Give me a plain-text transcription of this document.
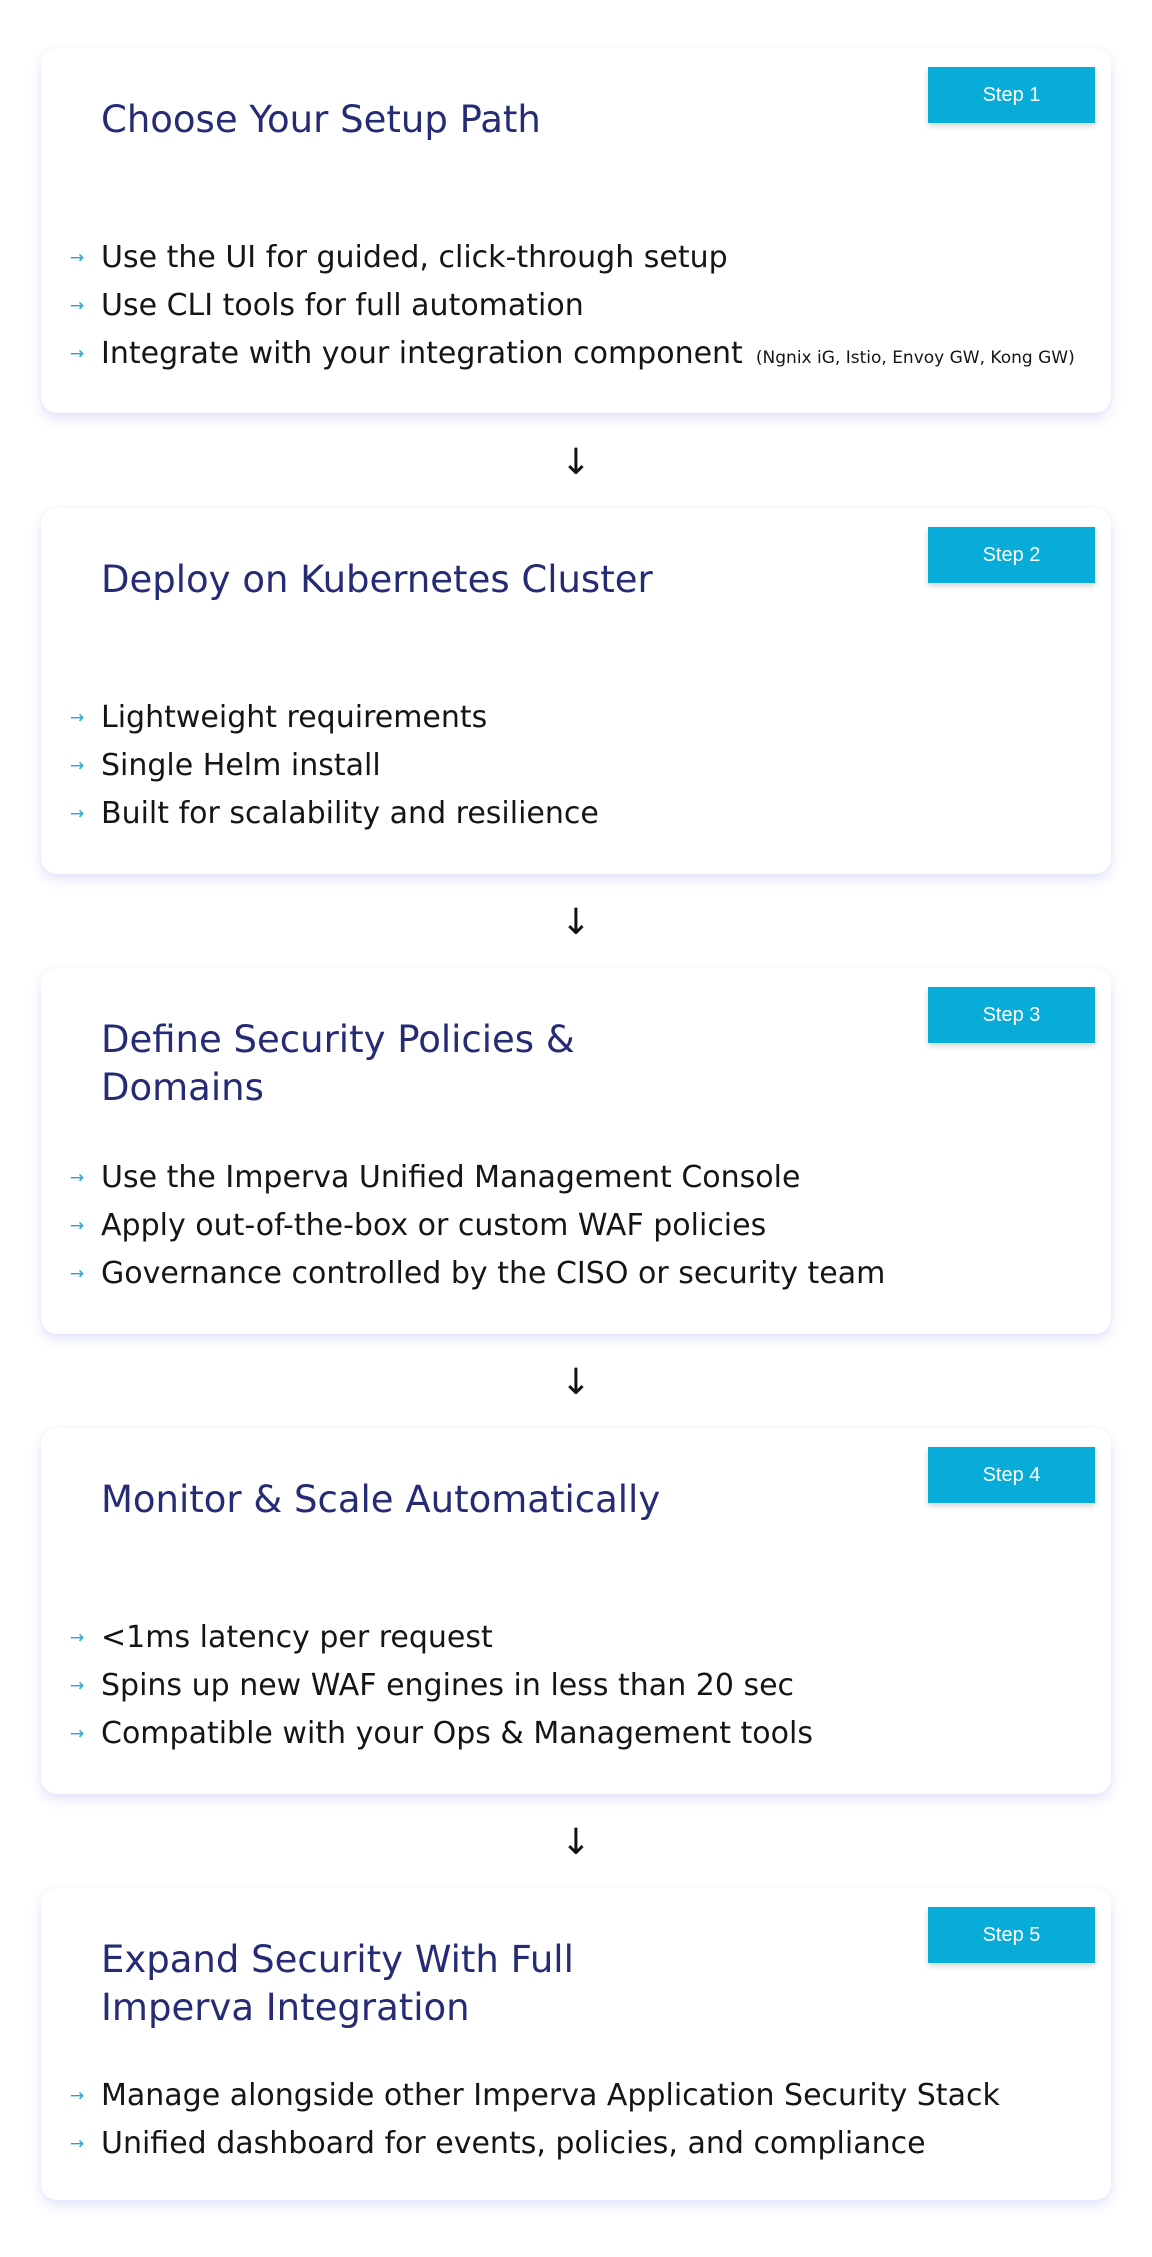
Step 1
Choose Your Setup Path
→ Use the UI for guided, click-through setup
→ Use CLI tools for full automation
→ Integrate with your integration component (Ngnix iG, Istio, Envoy GW, Kong GW)
↓
Step 2
Deploy on Kubernetes Cluster
→ Lightweight requirements
→ Single Helm install
→ Built for scalability and resilience
↓
Step 3
Define Security Policies & Domains
→ Use the Imperva Unified Management Console
→ Apply out-of-the-box or custom WAF policies
→ Governance controlled by the CISO or security team
↓
Step 4
Monitor & Scale Automatically
→ <1ms latency per request
→ Spins up new WAF engines in less than 20 sec
→ Compatible with your Ops & Management tools
↓
Step 5
Expand Security With Full Imperva Integration
→ Manage alongside other Imperva Application Security Stack
→ Unified dashboard for events, policies, and compliance
